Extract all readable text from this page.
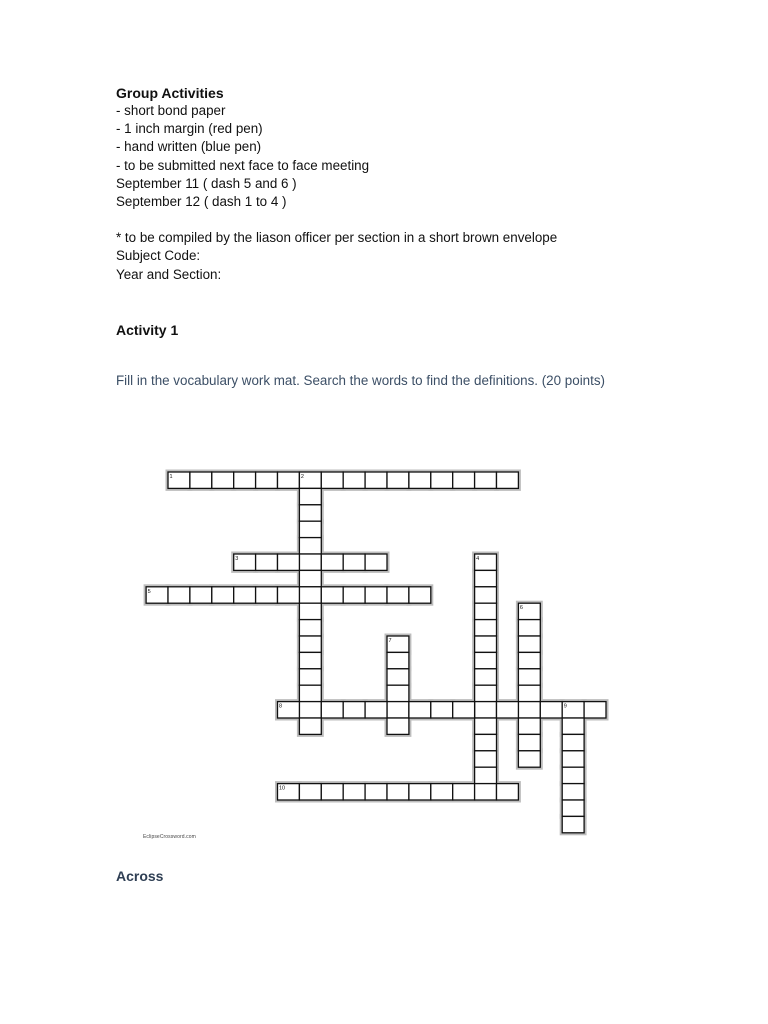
Group Activities

- short bond paper

- 1 inch margin (red pen)

- hand written (blue pen)

- to be submitted next face to face meeting

September 11 ( dash 5 and 6 )

September 12 ( dash 1 to 4 )

* to be compiled by the liason officer per section in a short brown envelope

Subject Code:

Year and Section:

Activity 1
Fill in the vocabulary work mat. Search the words to find the definitions. (20 points)
1	2
3	4
5
6
7
8	9
10
EclipseCrossword.com
Across
